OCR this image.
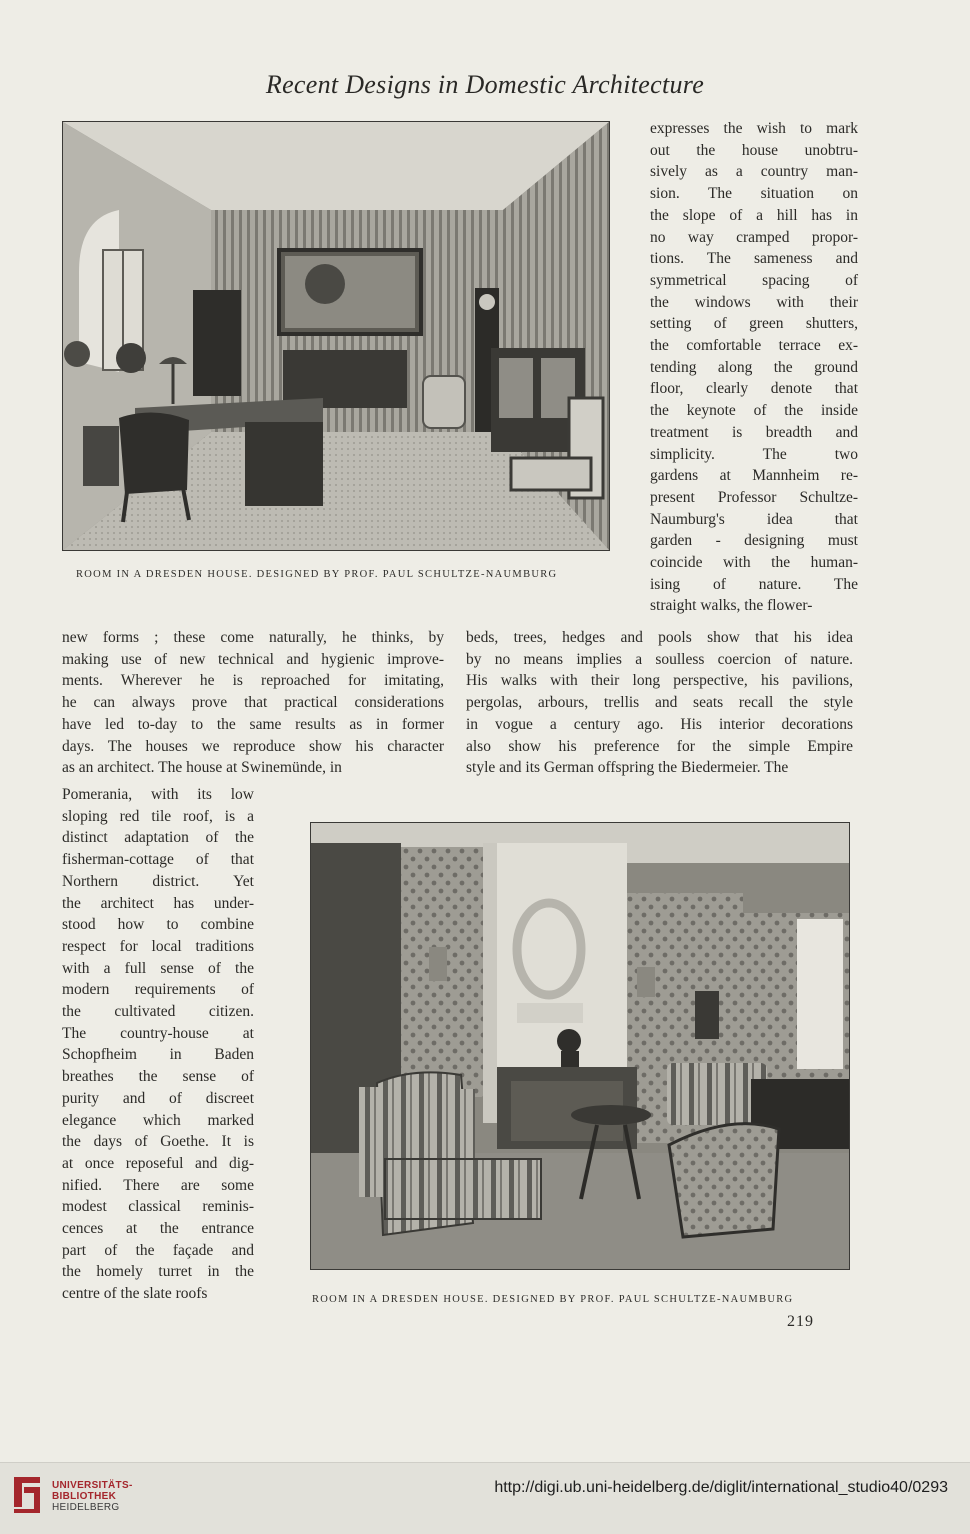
Recent Designs in Domestic Architecture
ROOM IN A DRESDEN HOUSE. DESIGNED BY PROF. PAUL SCHULTZE-NAUMBURG
expresses the wish to mark
out the house unobtru-
sively as a country man-
sion. The situation on
the slope of a hill has in
no way cramped propor-
tions. The sameness and
symmetrical spacing of
the windows with their
setting of green shutters,
the comfortable terrace ex-
tending along the ground
floor, clearly denote that
the keynote of the inside
treatment is breadth and
simplicity. The two
gardens at Mannheim re-
present Professor Schultze-
Naumburg's idea that
garden - designing must
coincide with the human-
ising of nature. The
straight walks, the flower-
new forms ; these come naturally, he thinks, by
making use of new technical and hygienic improve-
ments. Wherever he is reproached for imitating,
he can always prove that practical considerations
have led to-day to the same results as in former
days. The houses we reproduce show his character
as an architect. The house at Swinemünde, in
beds, trees, hedges and pools show that his idea
by no means implies a soulless coercion of nature.
His walks with their long perspective, his pavilions,
pergolas, arbours, trellis and seats recall the style
in vogue a century ago. His interior decorations
also show his preference for the simple Empire
style and its German offspring the Biedermeier. The
Pomerania, with its low
sloping red tile roof, is a
distinct adaptation of the
fisherman-cottage of that
Northern district. Yet
the architect has under-
stood how to combine
respect for local traditions
with a full sense of the
modern requirements of
the cultivated citizen.
The country-house at
Schopfheim in Baden
breathes the sense of
purity and of discreet
elegance which marked
the days of Goethe. It is
at once reposeful and dig-
nified. There are some
modest classical reminis-
cences at the entrance
part of the façade and
the homely turret in the
centre of the slate roofs	ROOM IN A DRESDEN HOUSE. DESIGNED BY PROF. PAUL SCHULTZE-NAUMBURG
219
UNIVERSITÄTS-
BIBLIOTHEK
HEIDELBERG
http://digi.ub.uni-heidelberg.de/diglit/international_studio40/0293
